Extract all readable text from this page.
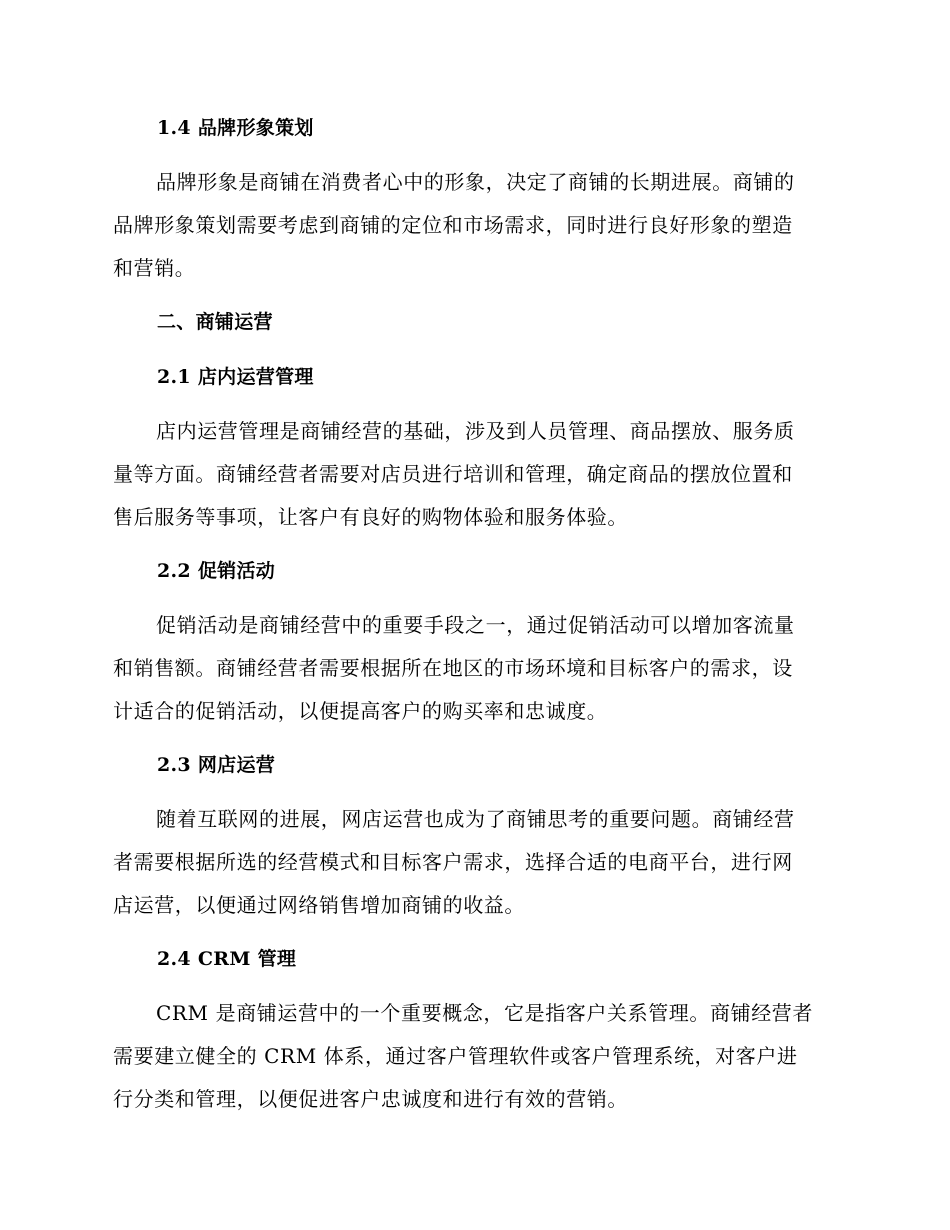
1.4 品牌形象策划
品牌形象是商铺在消费者心中的形象，决定了商铺的长期进展。商铺的
品牌形象策划需要考虑到商铺的定位和市场需求，同时进行良好形象的塑造
和营销。
二、商铺运营
2.1 店内运营管理
店内运营管理是商铺经营的基础，涉及到人员管理、商品摆放、服务质
量等方面。商铺经营者需要对店员进行培训和管理，确定商品的摆放位置和
售后服务等事项，让客户有良好的购物体验和服务体验。
2.2 促销活动
促销活动是商铺经营中的重要手段之一，通过促销活动可以增加客流量
和销售额。商铺经营者需要根据所在地区的市场环境和目标客户的需求，设
计适合的促销活动，以便提高客户的购买率和忠诚度。
2.3 网店运营
随着互联网的进展，网店运营也成为了商铺思考的重要问题。商铺经营
者需要根据所选的经营模式和目标客户需求，选择合适的电商平台，进行网
店运营，以便通过网络销售增加商铺的收益。
2.4 CRM 管理
CRM 是商铺运营中的一个重要概念，它是指客户关系管理。商铺经营者
需要建立健全的 CRM 体系，通过客户管理软件或客户管理系统，对客户进
行分类和管理，以便促进客户忠诚度和进行有效的营销。
